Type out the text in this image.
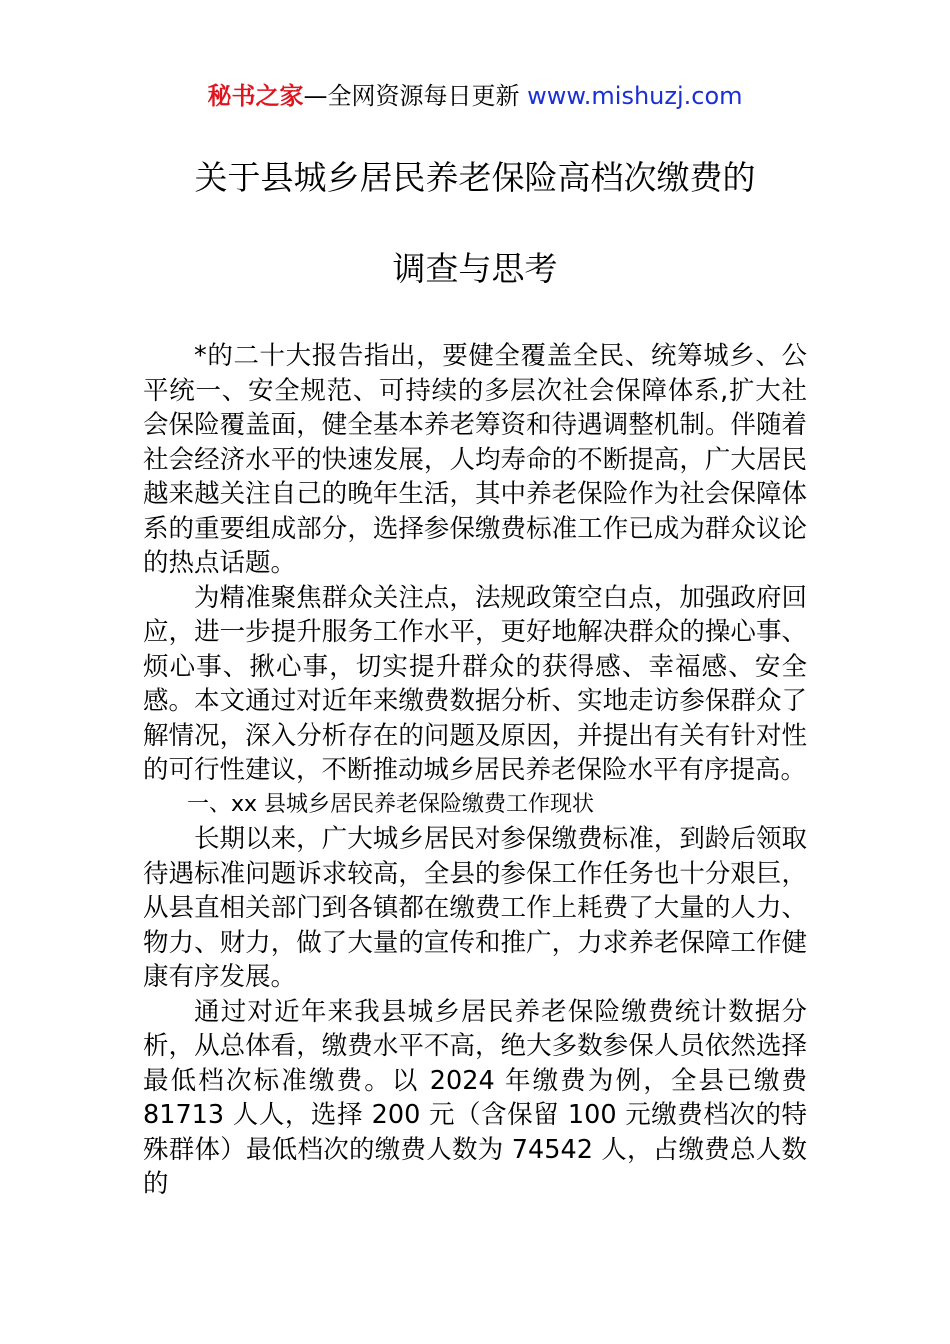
秘书之家—全网资源每日更新 www.mishuzj.com
关于县城乡居民养老保险高档次缴费的
调查与思考

*的二十大报告指出，要健全覆盖全民、统筹城乡、公平统一、安全规范、可持续的多层次社会保障体系,扩大社会保险覆盖面，健全基本养老筹资和待遇调整机制。伴随着社会经济水平的快速发展，人均寿命的不断提高，广大居民越来越关注自己的晚年生活，其中养老保险作为社会保障体系的重要组成部分，选择参保缴费标准工作已成为群众议论的热点话题。

为精准聚焦群众关注点，法规政策空白点，加强政府回应，进一步提升服务工作水平，更好地解决群众的操心事、烦心事、揪心事，切实提升群众的获得感、幸福感、安全感。本文通过对近年来缴费数据分析、实地走访参保群众了解情况，深入分析存在的问题及原因，并提出有关有针对性的可行性建议，不断推动城乡居民养老保险水平有序提高。

一、xx 县城乡居民养老保险缴费工作现状

长期以来，广大城乡居民对参保缴费标准，到龄后领取待遇标准问题诉求较高，全县的参保工作任务也十分艰巨，从县直相关部门到各镇都在缴费工作上耗费了大量的人力、物力、财力，做了大量的宣传和推广，力求养老保障工作健康有序发展。

通过对近年来我县城乡居民养老保险缴费统计数据分析，从总体看，缴费水平不高，绝大多数参保人员依然选择最低档次标准缴费。以 2024 年缴费为例，全县已缴费 81713 人人，选择 200 元（含保留 100 元缴费档次的特殊群体）最低档次的缴费人数为 74542 人，占缴费总人数的
